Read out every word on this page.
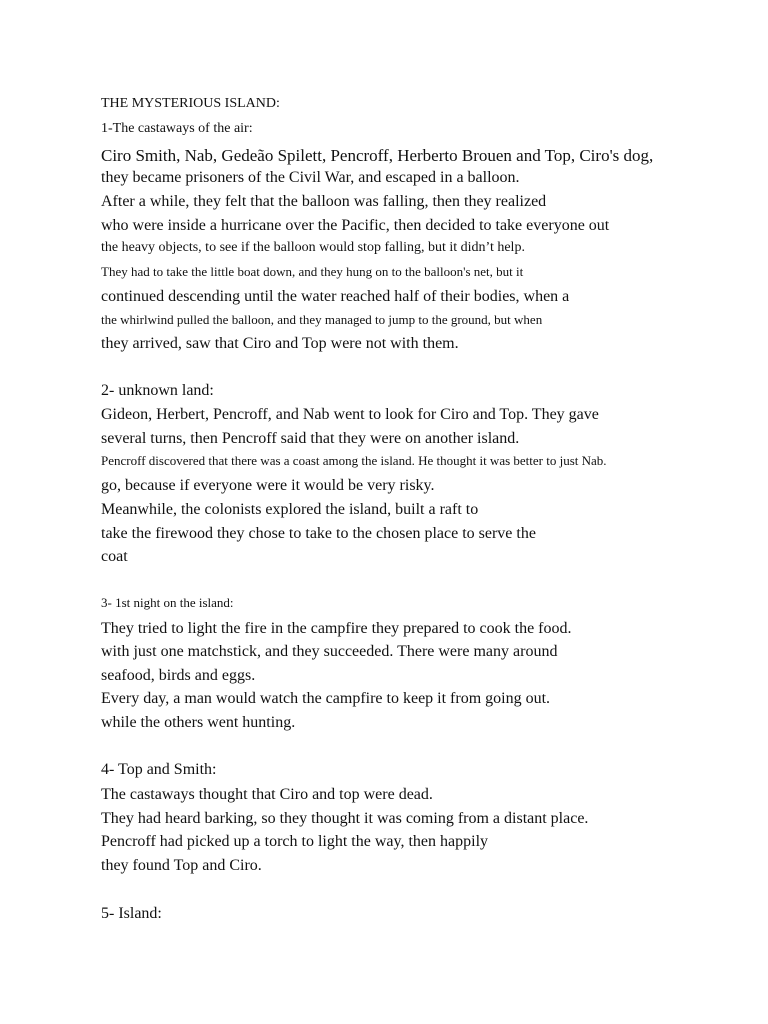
THE MYSTERIOUS ISLAND:

1-The castaways of the air:

Ciro Smith, Nab, Gedeão Spilett, Pencroff, Herberto Brouen and Top, Ciro's dog,

they became prisoners of the Civil War, and escaped in a balloon.

After a while, they felt that the balloon was falling, then they realized

who were inside a hurricane over the Pacific, then decided to take everyone out

the heavy objects, to see if the balloon would stop falling, but it didn’t help.

They had to take the little boat down, and they hung on to the balloon's net, but it

continued descending until the water reached half of their bodies, when a

the whirlwind pulled the balloon, and they managed to jump to the ground, but when

they arrived, saw that Ciro and Top were not with them.

2- unknown land:

Gideon, Herbert, Pencroff, and Nab went to look for Ciro and Top. They gave

several turns, then Pencroff said that they were on another island.

Pencroff discovered that there was a coast among the island. He thought it was better to just Nab.

go, because if everyone were it would be very risky.

Meanwhile, the colonists explored the island, built a raft to

take the firewood they chose to take to the chosen place to serve the

coat

3- 1st night on the island:

They tried to light the fire in the campfire they prepared to cook the food.

with just one matchstick, and they succeeded. There were many around

seafood, birds and eggs.

Every day, a man would watch the campfire to keep it from going out.

while the others went hunting.

4- Top and Smith:

The castaways thought that Ciro and top were dead.

They had heard barking, so they thought it was coming from a distant place.

Pencroff had picked up a torch to light the way, then happily

they found Top and Ciro.

5- Island:
